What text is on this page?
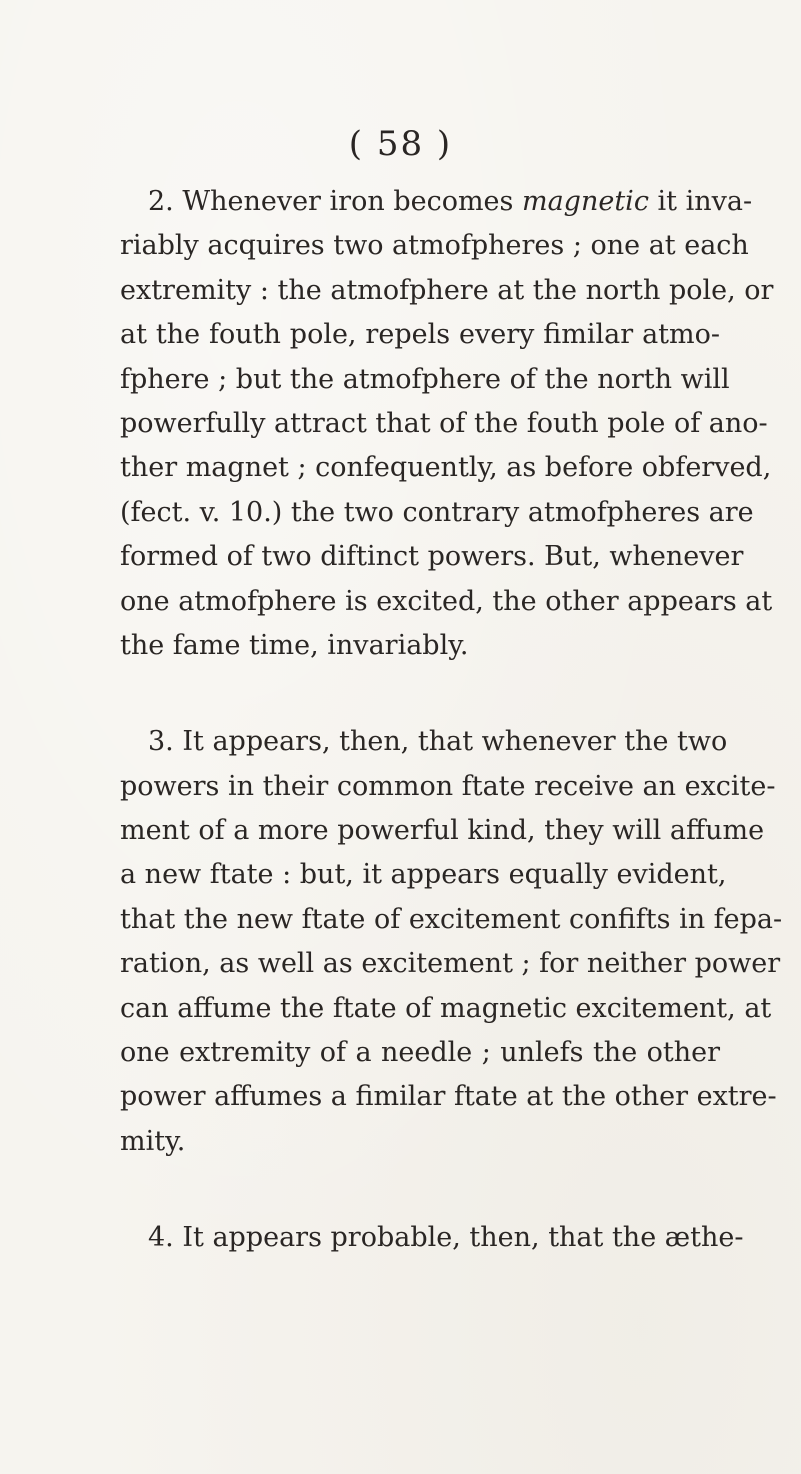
( 58 )
2. Whenever iron becomes magnetic it inva-
riably acquires two atmofpheres ; one at each
extremity : the atmofphere at the north pole, or
at the fouth pole, repels every fimilar atmo-
fphere ; but the atmofphere of the north will
powerfully attract that of the fouth pole of ano-
ther magnet ; confequently, as before obferved,
(fect. v. 10.) the two contrary atmofpheres are
formed of two diftinct powers. But, whenever
one atmofphere is excited, the other appears at
the fame time, invariably.
3. It appears, then, that whenever the two
powers in their common ftate receive an excite-
ment of a more powerful kind, they will affume
a new ftate : but, it appears equally evident,
that the new ftate of excitement confifts in fepa-
ration, as well as excitement ; for neither power
can affume the ftate of magnetic excitement, at
one extremity of a needle ; unlefs the other
power affumes a fimilar ftate at the other extre-
mity.
4. It appears probable, then, that the æthe-
